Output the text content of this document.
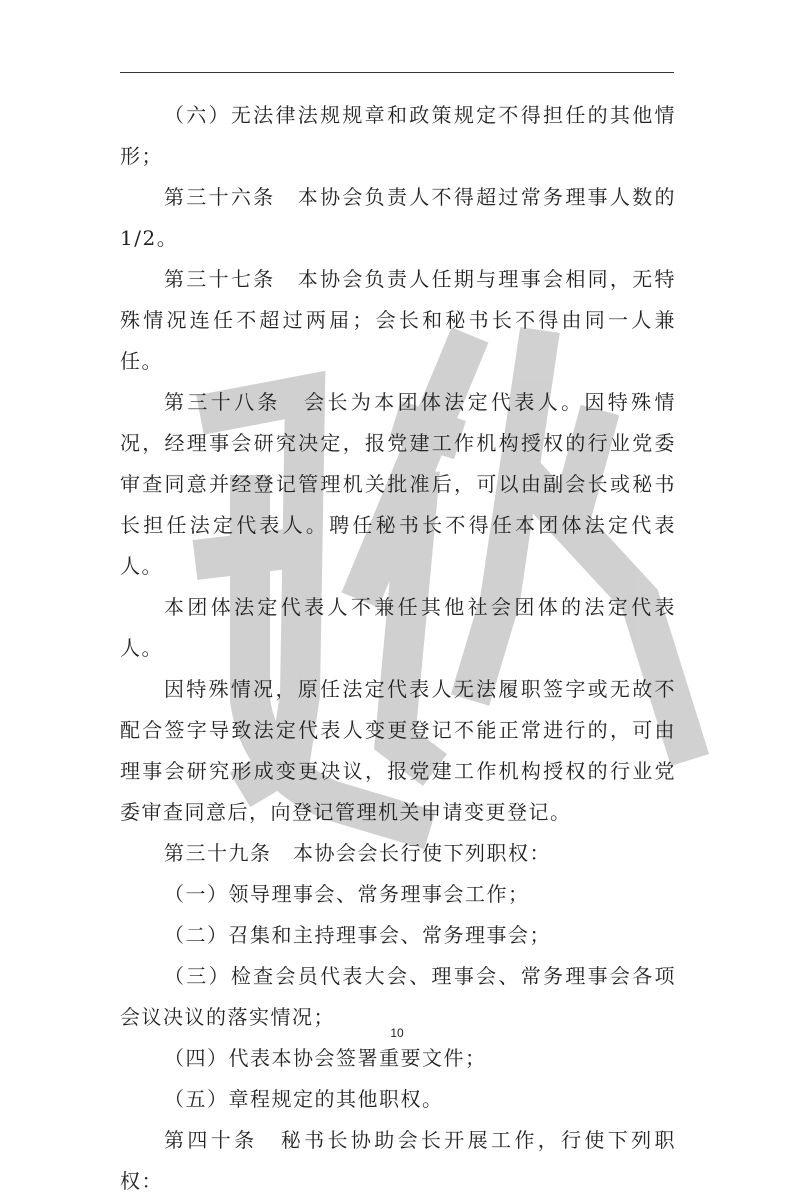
（六）无法律法规规章和政策规定不得担任的其他情形；

第三十六条　本协会负责人不得超过常务理事人数的1/2。

第三十七条　本协会负责人任期与理事会相同，无特殊情况连任不超过两届；会长和秘书长不得由同一人兼任。

第三十八条　会长为本团体法定代表人。因特殊情况，经理事会研究决定，报党建工作机构授权的行业党委审查同意并经登记管理机关批准后，可以由副会长或秘书长担任法定代表人。聘任秘书长不得任本团体法定代表人。

本团体法定代表人不兼任其他社会团体的法定代表人。

因特殊情况，原任法定代表人无法履职签字或无故不配合签字导致法定代表人变更登记不能正常进行的，可由理事会研究形成变更决议，报党建工作机构授权的行业党委审查同意后，向登记管理机关申请变更登记。

第三十九条　本协会会长行使下列职权：

（一）领导理事会、常务理事会工作；

（二）召集和主持理事会、常务理事会；

（三）检查会员代表大会、理事会、常务理事会各项会议决议的落实情况；

（四）代表本协会签署重要文件；

（五）章程规定的其他职权。

第四十条　秘书长协助会长开展工作，行使下列职权：

10
